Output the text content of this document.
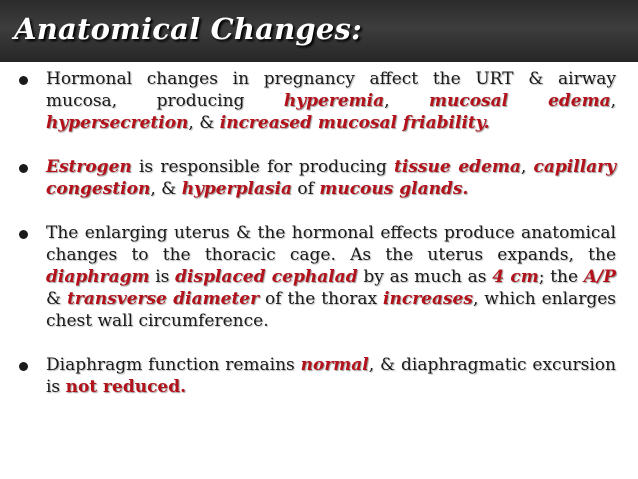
Anatomical Changes:
Hormonal changes in pregnancy affect the URT & airway mucosa, producing hyperemia, mucosal edema, hypersecretion, & increased mucosal friability.
Estrogen is responsible for producing tissue edema, capillary congestion, & hyperplasia of mucous glands.
The enlarging uterus & the hormonal effects produce anatomical changes to the thoracic cage. As the uterus expands, the diaphragm is displaced cephalad by as much as 4 cm; the A/P & transverse diameter of the thorax increases, which enlarges chest wall circumference.
Diaphragm function remains normal, & diaphragmatic excursion is not reduced.
